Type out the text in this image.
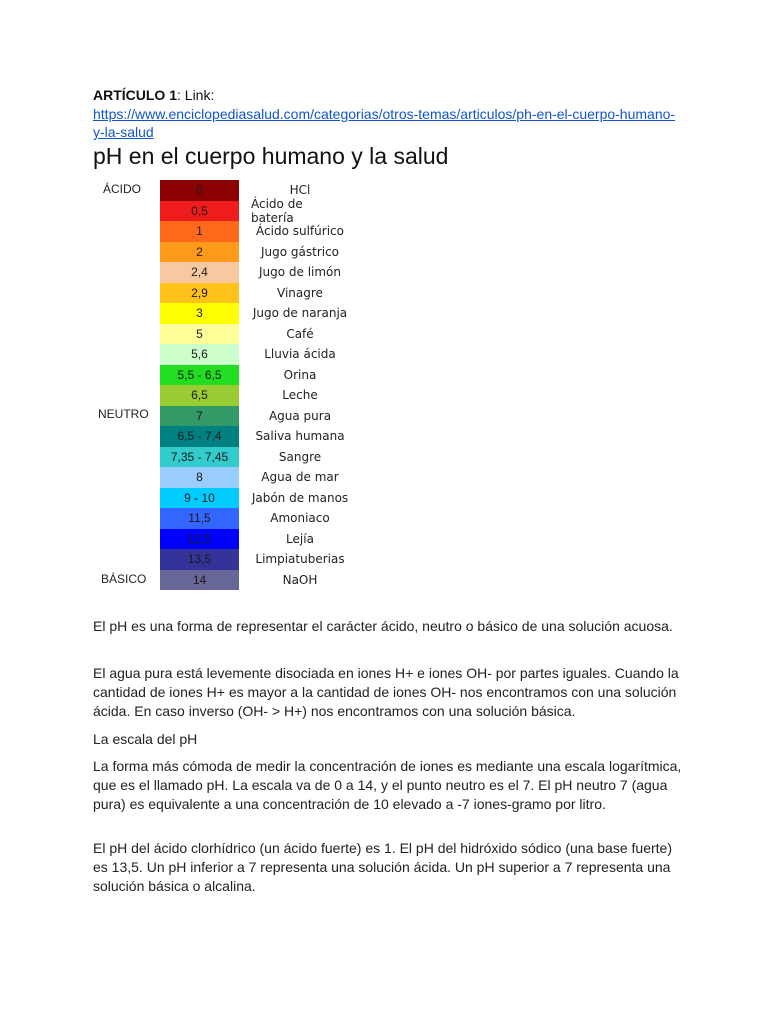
ARTÍCULO 1: Link:
https://www.enciclopediasalud.com/categorias/otros-temas/articulos/ph-en-el-cuerpo-humano-y-la-salud
pH en el cuerpo humano y la salud
ÁCIDO
NEUTRO
BÁSICO
0	HCl
0,5	Ácido de batería
1	Ácido sulfúrico
2	Jugo gástrico
2,4	Jugo de limón
2,9	Vinagre
3	Jugo de naranja
5	Café
5,6	Lluvia ácida
5,5 - 6,5	Orina
6,5	Leche
7	Agua pura
6,5 - 7,4	Saliva humana
7,35 - 7,45	Sangre
8	Agua de mar
9 - 10	Jabón de manos
11,5	Amoniaco
12,5	Lejía
13,5	Limpiatuberias
14	NaOH

El pH es una forma de representar el carácter ácido, neutro o básico de una solución acuosa.

El agua pura está levemente disociada en iones H+ e iones OH- por partes iguales. Cuando la cantidad de iones H+ es mayor a la cantidad de iones OH- nos encontramos con una solución ácida. En caso inverso (OH- > H+) nos encontramos con una solución básica.

La escala del pH

La forma más cómoda de medir la concentración de iones es mediante una escala logarítmica, que es el llamado pH. La escala va de 0 a 14, y el punto neutro es el 7. El pH neutro 7 (agua pura) es equivalente a una concentración de 10 elevado a -7 iones-gramo por litro.

El pH del ácido clorhídrico (un ácido fuerte) es 1. El pH del hidróxido sódico (una base fuerte) es 13,5. Un pH inferior a 7 representa una solución ácida. Un pH superior a 7 representa una solución básica o alcalina.
